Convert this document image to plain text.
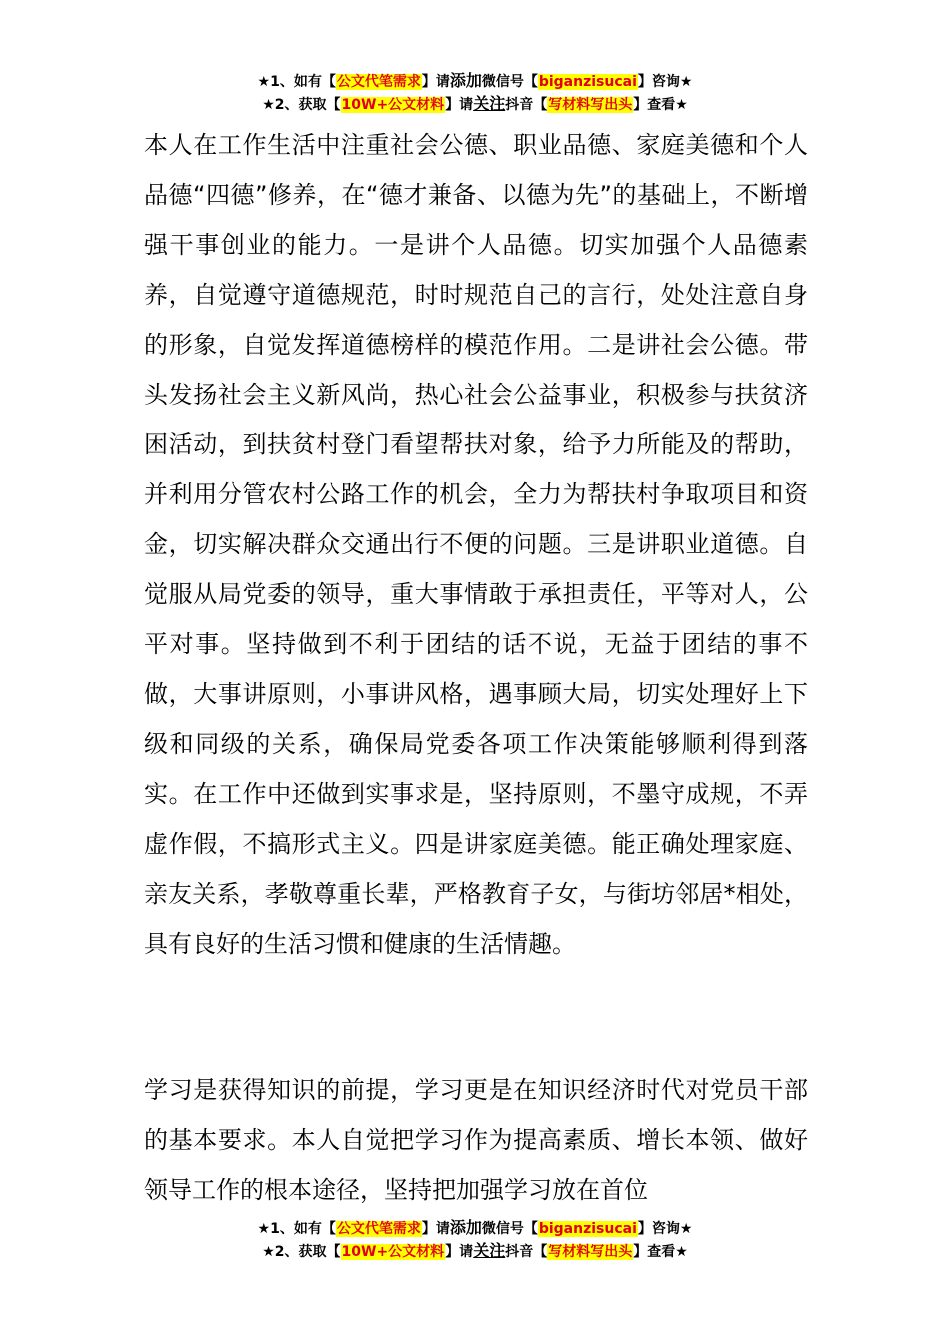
★1、如有【公文代笔需求】请添加微信号【biganzisucai】咨询★
★2、获取【10W+公文材料】请关注抖音【写材料写出头】查看★

本人在工作生活中注重社会公德、职业品德、家庭美德和个人品德“四德”修养，在“德才兼备、以德为先”的基础上，不断增强干事创业的能力。一是讲个人品德。切实加强个人品德素养，自觉遵守道德规范，时时规范自己的言行，处处注意自身的形象，自觉发挥道德榜样的模范作用。二是讲社会公德。带头发扬社会主义新风尚，热心社会公益事业，积极参与扶贫济困活动，到扶贫村登门看望帮扶对象，给予力所能及的帮助，并利用分管农村公路工作的机会，全力为帮扶村争取项目和资金，切实解决群众交通出行不便的问题。三是讲职业道德。自觉服从局党委的领导，重大事情敢于承担责任，平等对人，公平对事。坚持做到不利于团结的话不说，无益于团结的事不做，大事讲原则，小事讲风格，遇事顾大局，切实处理好上下级和同级的关系，确保局党委各项工作决策能够顺利得到落实。在工作中还做到实事求是，坚持原则，不墨守成规，不弄虚作假，不搞形式主义。四是讲家庭美德。能正确处理家庭、亲友关系，孝敬尊重长辈，严格教育子女，与街坊邻居*相处，具有良好的生活习惯和健康的生活情趣。

学习是获得知识的前提，学习更是在知识经济时代对党员干部的基本要求。本人自觉把学习作为提高素质、增长本领、做好领导工作的根本途径，坚持把加强学习放在首位

★1、如有【公文代笔需求】请添加微信号【biganzisucai】咨询★
★2、获取【10W+公文材料】请关注抖音【写材料写出头】查看★
